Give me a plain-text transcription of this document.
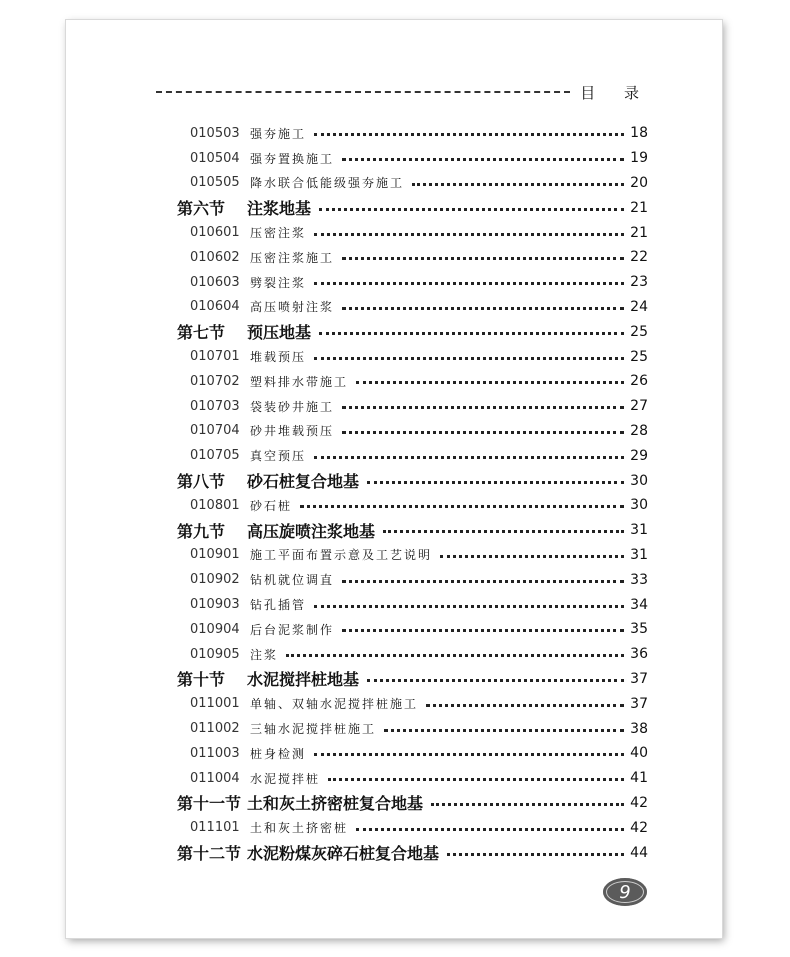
目 录
010503 强夯施工	18
010504 强夯置换施工	19
010505 降水联合低能级强夯施工	20
第六节 注浆地基	21
010601 压密注浆	21
010602 压密注浆施工	22
010603 劈裂注浆	23
010604 高压喷射注浆	24
第七节 预压地基	25
010701 堆载预压	25
010702 塑料排水带施工	26
010703 袋装砂井施工	27
010704 砂井堆载预压	28
010705 真空预压	29
第八节 砂石桩复合地基	30
010801 砂石桩	30
第九节 高压旋喷注浆地基	31
010901 施工平面布置示意及工艺说明	31
010902 钻机就位调直	33
010903 钻孔插管	34
010904 后台泥浆制作	35
010905 注浆	36
第十节 水泥搅拌桩地基	37
011001 单轴、双轴水泥搅拌桩施工	37
011002 三轴水泥搅拌桩施工	38
011003 桩身检测	40
011004 水泥搅拌桩	41
第十一节 土和灰土挤密桩复合地基	42
011101 土和灰土挤密桩	42
第十二节 水泥粉煤灰碎石桩复合地基	44
9
